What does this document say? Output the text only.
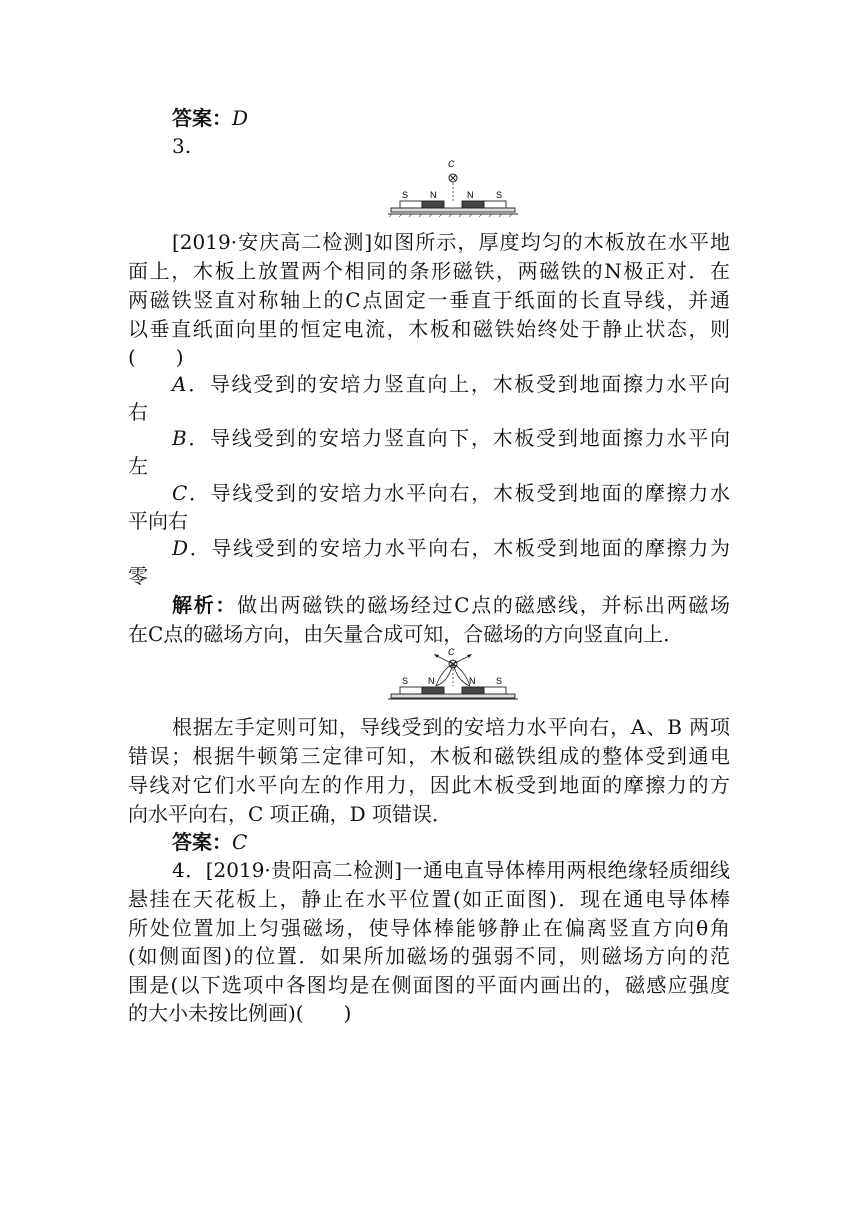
答案：D
3.
C
S N	N	S
[2019·安庆高二检测]如图所示，厚度均匀的木板放在水平地
面上，木板上放置两个相同的条形磁铁，两磁铁的N极正对．在
两磁铁竖直对称轴上的C点固定一垂直于纸面的长直导线，并通
以垂直纸面向里的恒定电流，木板和磁铁始终处于静止状态，则
(　　)
A．导线受到的安培力竖直向上，木板受到地面擦力水平向
右
B．导线受到的安培力竖直向下，木板受到地面擦力水平向
左
C．导线受到的安培力水平向右，木板受到地面的摩擦力水
平向右
D．导线受到的安培力水平向右，木板受到地面的摩擦力为
零
解析：做出两磁铁的磁场经过C点的磁感线，并标出两磁场
在C点的磁场方向，由矢量合成可知，合磁场的方向竖直向上．
C
S N	N S
根据左手定则可知，导线受到的安培力水平向右，A、B 两项
错误；根据牛顿第三定律可知，木板和磁铁组成的整体受到通电
导线对它们水平向左的作用力，因此木板受到地面的摩擦力的方
向水平向右，C 项正确，D 项错误．
答案：C
4．[2019·贵阳高二检测]一通电直导体棒用两根绝缘轻质细线
悬挂在天花板上，静止在水平位置(如正面图)．现在通电导体棒
所处位置加上匀强磁场，使导体棒能够静止在偏离竖直方向θ角
(如侧面图)的位置．如果所加磁场的强弱不同，则磁场方向的范
围是(以下选项中各图均是在侧面图的平面内画出的，磁感应强度
的大小未按比例画)(　　)
